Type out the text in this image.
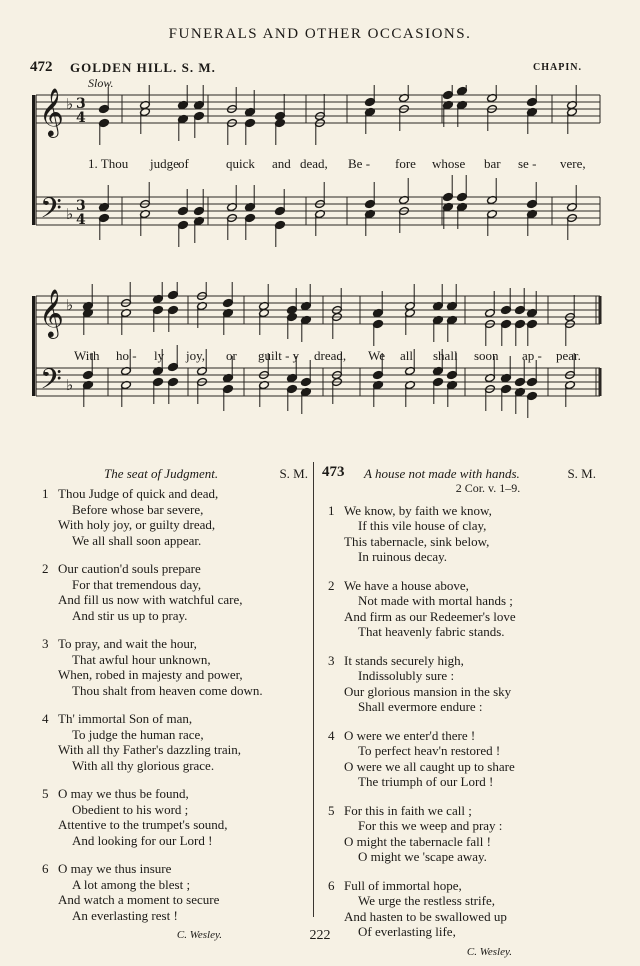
FUNERALS AND OTHER OCCASIONS.
472 GOLDEN HILL. S. M.	CHAPIN.
Slow.
𝄞
𝄢
♭
♭
3
4
3
4
1. Thou judge of	quick and dead, Be - fore whose bar se - vere,
𝄞
𝄢
♭
♭
With ho - ly joy, or guilt - y dread, We all shall soon ap - pear.
The seat of Judgment.	S. M.
1 Thou Judge of quick and dead,
Before whose bar severe,
With holy joy, or guilty dread,
We all shall soon appear.
2 Our caution'd souls prepare
For that tremendous day,
And fill us now with watchful care,
And stir us up to pray.
3 To pray, and wait the hour,
That awful hour unknown,
When, robed in majesty and power,
Thou shalt from heaven come down.
4 Th' immortal Son of man,
To judge the human race,
With all thy Father's dazzling train,
With all thy glorious grace.
5 O may we thus be found,
Obedient to his word ;
Attentive to the trumpet's sound,
And looking for our Lord !
6 O may we thus insure
A lot among the blest ;
And watch a moment to secure
An everlasting rest !
C. Wesley.
473 A house not made with hands.	S. M.
2 Cor. v. 1–9.
1 We know, by faith we know,
If this vile house of clay,
This tabernacle, sink below,
In ruinous decay.
2 We have a house above,
Not made with mortal hands ;
And firm as our Redeemer's love
That heavenly fabric stands.
3 It stands securely high,
Indissolubly sure :
Our glorious mansion in the sky
Shall evermore endure :
4 O were we enter'd there !
To perfect heav'n restored !
O were we all caught up to share
The triumph of our Lord !
5 For this in faith we call ;
For this we weep and pray :
O might the tabernacle fall !
O might we 'scape away.
6 Full of immortal hope,
We urge the restless strife,
And hasten to be swallowed up
Of everlasting life,
C. Wesley.
222
